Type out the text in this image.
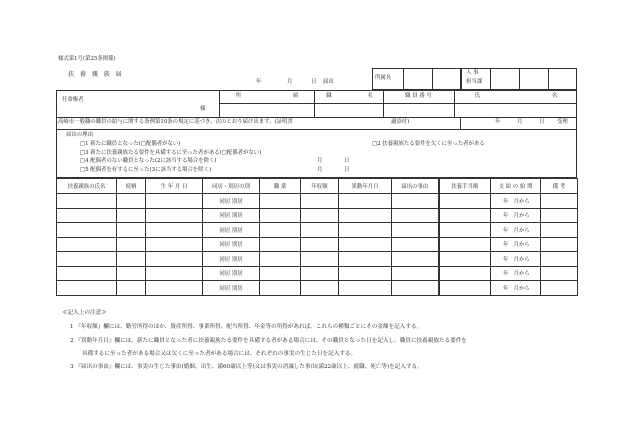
様式第1号(第25条関係)
扶 養 親 族 届
年	月	日 届出
所属長
人 事
担当課
任命権者
様
所 属	職 名	職 員 番 号	氏 名
高崎市一般職の職員の給与に関する条例第10条の規定に基づき、次のとおり届け出ます。(証明書	適添付)	年	月	日 受理
届出の理由
□1 新たに職員となった(□配偶者がない)	□2 扶養親族たる要件を欠くに至った者がある
□3 新たに扶養親族たる要件を具備するに至った者がある(□配偶者がない)
□4 配偶者のない職員となった(2に該当する場合を除く)	月	日
□5 配偶者を有するに至った(3に該当する場合を除く)	月	日
扶養親族の氏名	続柄	生 年 月 日	同居・別居の別	職 業	年収額	異動年月日	届出の事由	扶養手当額	支 給 の 始 期	備 考
			同居 別居						年 月から	
			同居 別居						年 月から	
			同居 別居						年 月から	
			同居 別居						年 月から	
			同居 別居						年 月から	
			同居 別居						年 月から	
			同居 別居						年 月から	
≪記入上の注意≫
1 『年収額』欄には、勤労所得のほか、資産所得、事業所得、配当所得、年金等の所得があれば、これらの種類ごとにその金額を記入する。
2 『異動年月日』欄には、新たに職員となった者に扶養親族たる要件を具備する者がある場合には、その職員となった日を記入し、職員に扶養親族たる要件を
具備するに至った者がある場合又は欠くに至った者がある場合には、それぞれの事実の生じた日を記入する。
3 『届出の事由』欄には、事実の生じた事由(婚姻、出生、満60歳以上等)又は事実の消滅した事由(満22歳以上、就職、死亡等)を記入する。
